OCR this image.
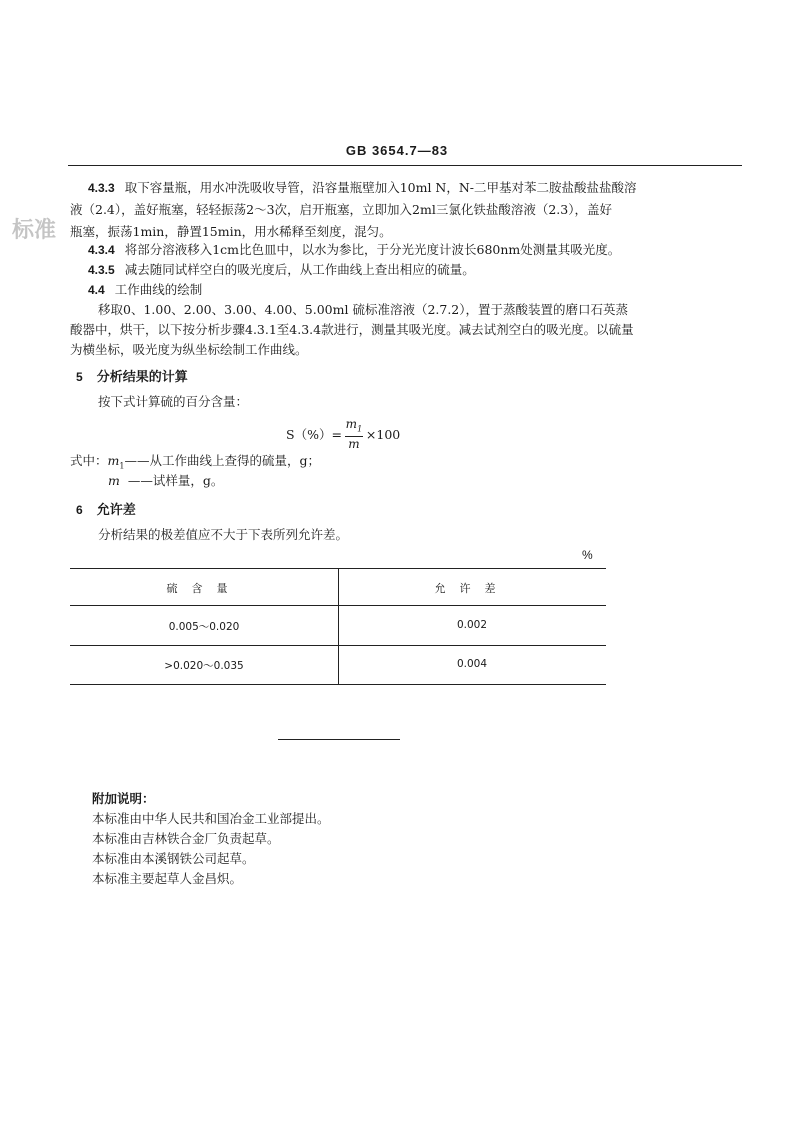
GB 3654.7—83
标准
4.3.3 取下容量瓶，用水冲洗吸收导管，沿容量瓶壁加入10ml N，N-二甲基对苯二胺盐酸盐盐酸溶
液（2.4），盖好瓶塞，轻轻振荡2～3次，启开瓶塞，立即加入2ml三氯化铁盐酸溶液（2.3），盖好
瓶塞，振荡1min，静置15min，用水稀释至刻度，混匀。
4.3.4 将部分溶液移入1cm比色皿中，以水为参比，于分光光度计波长680nm处测量其吸光度。
4.3.5 减去随同试样空白的吸光度后，从工作曲线上查出相应的硫量。
4.4 工作曲线的绘制
移取0、1.00、2.00、3.00、4.00、5.00ml 硫标准溶液（2.7.2），置于蒸酸装置的磨口石英蒸
酸器中，烘干，以下按分析步骤4.3.1至4.3.4款进行，测量其吸光度。减去试剂空白的吸光度。以硫量
为横坐标，吸光度为纵坐标绘制工作曲线。
5 分析结果的计算
按下式计算硫的百分含量：
$S(\%)= \frac{m_1}{m} \times 100$
式中：$m_1——$从工作曲线上查得的硫量，g；
m ——试样量，g。
6 允许差
分析结果的极差值应不大于下表所列允许差。
%
硫含量	允许差
0.005～0.020	0.002
>0.020～0.035	0.004
附加说明：
本标准由中华人民共和国冶金工业部提出。
本标准由吉林铁合金厂负责起草。
本标准由本溪钢铁公司起草。
本标准主要起草人金昌炽。
